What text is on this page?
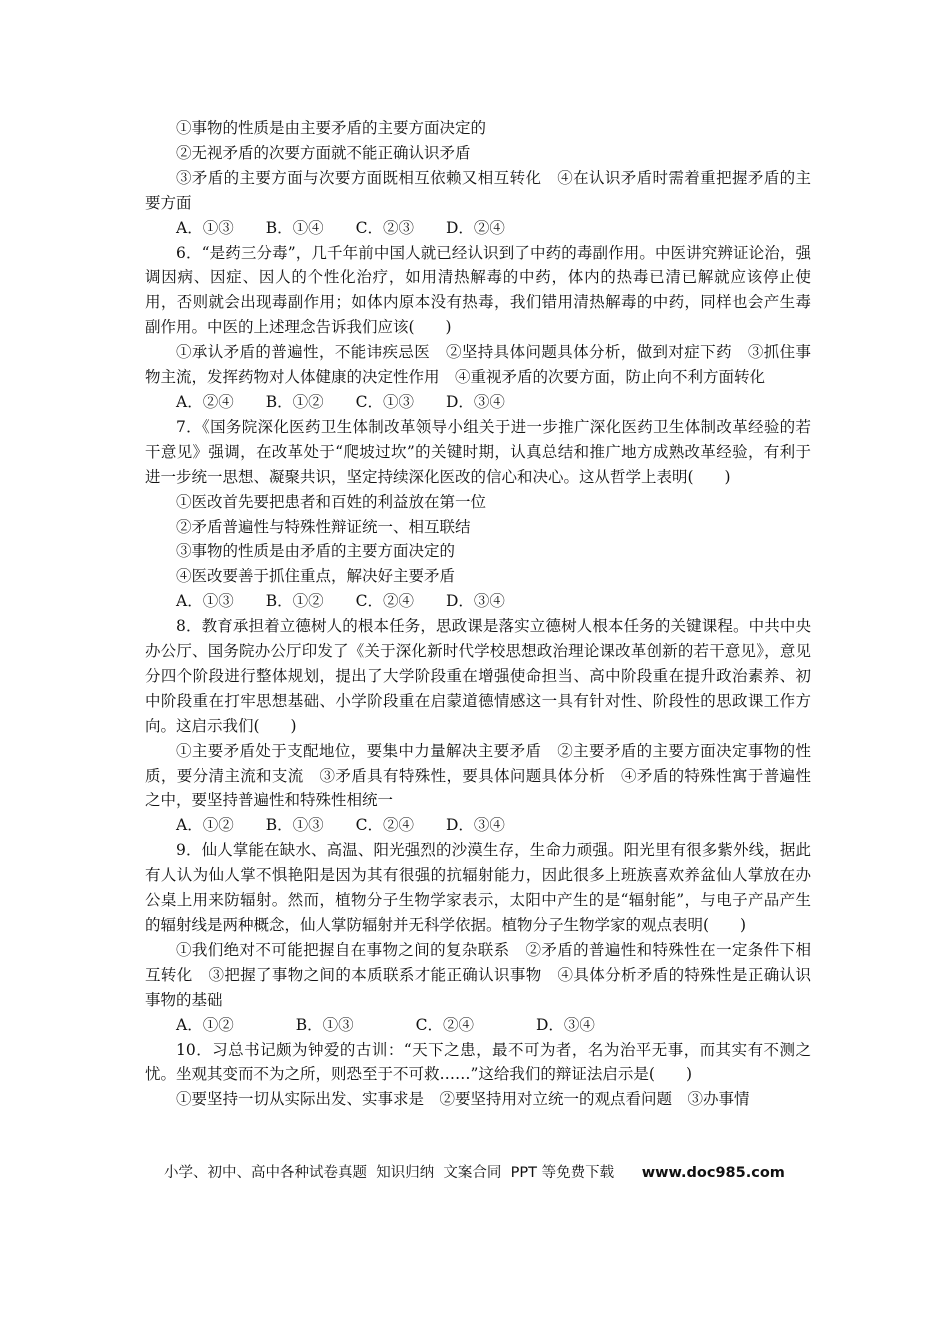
①事物的性质是由主要矛盾的主要方面决定的

②无视矛盾的次要方面就不能正确认识矛盾

③矛盾的主要方面与次要方面既相互依赖又相互转化　④在认识矛盾时需着重把握矛盾的主要方面

A．①③ B．①④ C．②③ D．②④

6．“是药三分毒”，几千年前中国人就已经认识到了中药的毒副作用。中医讲究辨证论治，强调因病、因症、因人的个性化治疗，如用清热解毒的中药，体内的热毒已清已解就应该停止使用，否则就会出现毒副作用；如体内原本没有热毒，我们错用清热解毒的中药，同样也会产生毒副作用。中医的上述理念告诉我们应该(　　)

①承认矛盾的普遍性，不能讳疾忌医　②坚持具体问题具体分析，做到对症下药　③抓住事物主流，发挥药物对人体健康的决定性作用　④重视矛盾的次要方面，防止向不利方面转化

A．②④ B．①② C．①③ D．③④

7．《国务院深化医药卫生体制改革领导小组关于进一步推广深化医药卫生体制改革经验的若干意见》强调，在改革处于“爬坡过坎”的关键时期，认真总结和推广地方成熟改革经验，有利于进一步统一思想、凝聚共识，坚定持续深化医改的信心和决心。这从哲学上表明(　　)

①医改首先要把患者和百姓的利益放在第一位

②矛盾普遍性与特殊性辩证统一、相互联结

③事物的性质是由矛盾的主要方面决定的

④医改要善于抓住重点，解决好主要矛盾

A．①③ B．①② C．②④ D．③④

8．教育承担着立德树人的根本任务，思政课是落实立德树人根本任务的关键课程。中共中央办公厅、国务院办公厅印发了《关于深化新时代学校思想政治理论课改革创新的若干意见》，意见分四个阶段进行整体规划，提出了大学阶段重在增强使命担当、高中阶段重在提升政治素养、初中阶段重在打牢思想基础、小学阶段重在启蒙道德情感这一具有针对性、阶段性的思政课工作方向。这启示我们(　　)

①主要矛盾处于支配地位，要集中力量解决主要矛盾　②主要矛盾的主要方面决定事物的性质，要分清主流和支流　③矛盾具有特殊性，要具体问题具体分析　④矛盾的特殊性寓于普遍性之中，要坚持普遍性和特殊性相统一

A．①② B．①③ C．②④ D．③④

9．仙人掌能在缺水、高温、阳光强烈的沙漠生存，生命力顽强。阳光里有很多紫外线，据此有人认为仙人掌不惧艳阳是因为其有很强的抗辐射能力，因此很多上班族喜欢养盆仙人掌放在办公桌上用来防辐射。然而，植物分子生物学家表示，太阳中产生的是“辐射能”，与电子产品产生的辐射线是两种概念，仙人掌防辐射并无科学依据。植物分子生物学家的观点表明(　　)

①我们绝对不可能把握自在事物之间的复杂联系　②矛盾的普遍性和特殊性在一定条件下相互转化　③把握了事物之间的本质联系才能正确认识事物　④具体分析矛盾的特殊性是正确认识事物的基础

A．①②	B．①③	C．②④	D．③④

10．习总书记颇为钟爱的古训：“天下之患，最不可为者，名为治平无事，而其实有不测之忧。坐观其变而不为之所，则恐至于不可救……”这给我们的辩证法启示是(　　)

①要坚持一切从实际出发、实事求是　②要坚持用对立统一的观点看问题　③办事情

小学、初中、高中各种试卷真题  知识归纳  文案合同  PPT 等免费下载 www.doc985.com
